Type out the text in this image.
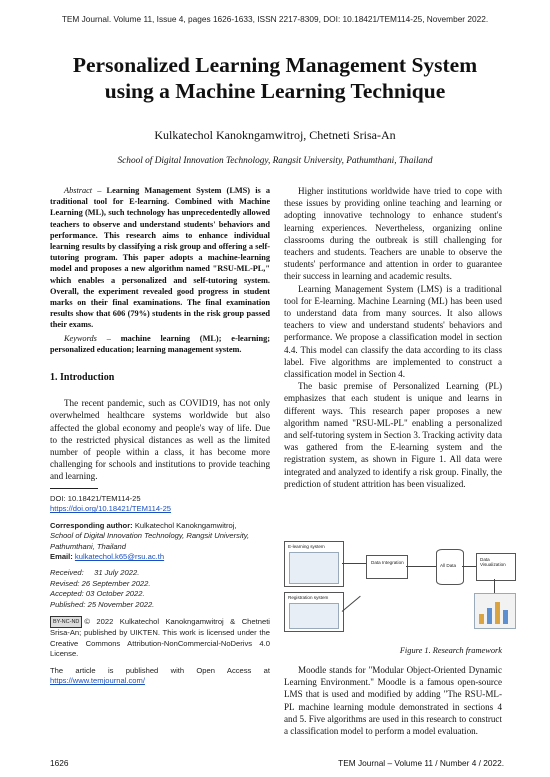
TEM Journal. Volume 11, Issue 4, pages 1626-1633, ISSN 2217-8309, DOI: 10.18421/TEM114-25, November 2022.
Personalized Learning Management System
using a Machine Learning Technique
Kulkatechol Kanokngamwitroj, Chetneti Srisa-An
School of Digital Innovation Technology, Rangsit University, Pathumthani, Thailand

Abstract – Learning Management System (LMS) is a traditional tool for E-learning. Combined with Machine Learning (ML), such technology has unprecedentedly allowed teachers to observe and understand students' behaviors and performance. This research aims to enhance individual learning results by classifying a risk group and offering a self-tutoring program. This paper adopts a machine-learning model and proposes a new algorithm named "RSU-ML-PL," which enables a personalized and self-tutoring system. Overall, the experiment revealed good progress in student marks on their final examinations. The final examination results show that 606 (79%) students in the risk group passed their exams.

Keywords – machine learning (ML); e-learning; personalized education; learning management system.

1. Introduction

The recent pandemic, such as COVID19, has not only overwhelmed healthcare systems worldwide but also affected the global economy and people's way of life. Due to the restricted physical distances as well as the limited number of people within a class, it has become more challenging for schools and institutions to provide teaching and learning.

DOI: 10.18421/TEM114-25

https://doi.org/10.18421/TEM114-25

Corresponding author: Kulkatechol Kanokngamwitroj,

School of Digital Innovation Technology, Rangsit University, Pathumthani, Thailand

Email: kulkatechol.k65@rsu.ac.th

Received: 31 July 2022.

Revised: 26 September 2022.

Accepted: 03 October 2022.

Published: 25 November 2022.

BY-NC-ND © 2022 Kulkatechol Kanokngamwitroj & Chetneti Srisa-An; published by UIKTEN. This work is licensed under the Creative Commons Attribution-NonCommercial-NoDerivs 4.0 License.

The article is published with Open Access at https://www.temjournal.com/

Higher institutions worldwide have tried to cope with these issues by providing online teaching and learning or adopting innovative technology to enhance student's learning experiences. Nevertheless, organizing online classrooms during the outbreak is still challenging for teachers and students. Teachers are unable to observe the students' performance and attention in order to guarantee their success in learning and academic results.

Learning Management System (LMS) is a traditional tool for E-learning. Machine Learning (ML) has been used to understand data from many sources. It also allows teachers to view and understand students' behaviors and performance. We propose a classification model in section 4.4. This model can classify the data according to its class label. Five algorithms are implemented to construct a classification model in Section 4.

The basic premise of Personalized Learning (PL) emphasizes that each student is unique and learns in different ways. This research paper proposes a new algorithm named "RSU-ML-PL" enabling a personalized and self-tutoring system in Section 3. Tracking activity data was gathered from the E-learning system and the registration system, as shown in Figure 1. All data were integrated and analyzed to identify a risk group. Finally, the prediction of student attrition has been visualized.

E-learning system
Registration system
Data Integration
All Data
Data Visualization
Figure 1. Research framework

Moodle stands for "Modular Object-Oriented Dynamic Learning Environment." Moodle is a famous open-source LMS that is used and modified by adding "The RSU-ML-PL machine learning module demonstrated in sections 4 and 5. Five algorithms are used in this research to construct a classification model to perform a model evaluation.

1626	TEM Journal – Volume 11 / Number 4 / 2022.
